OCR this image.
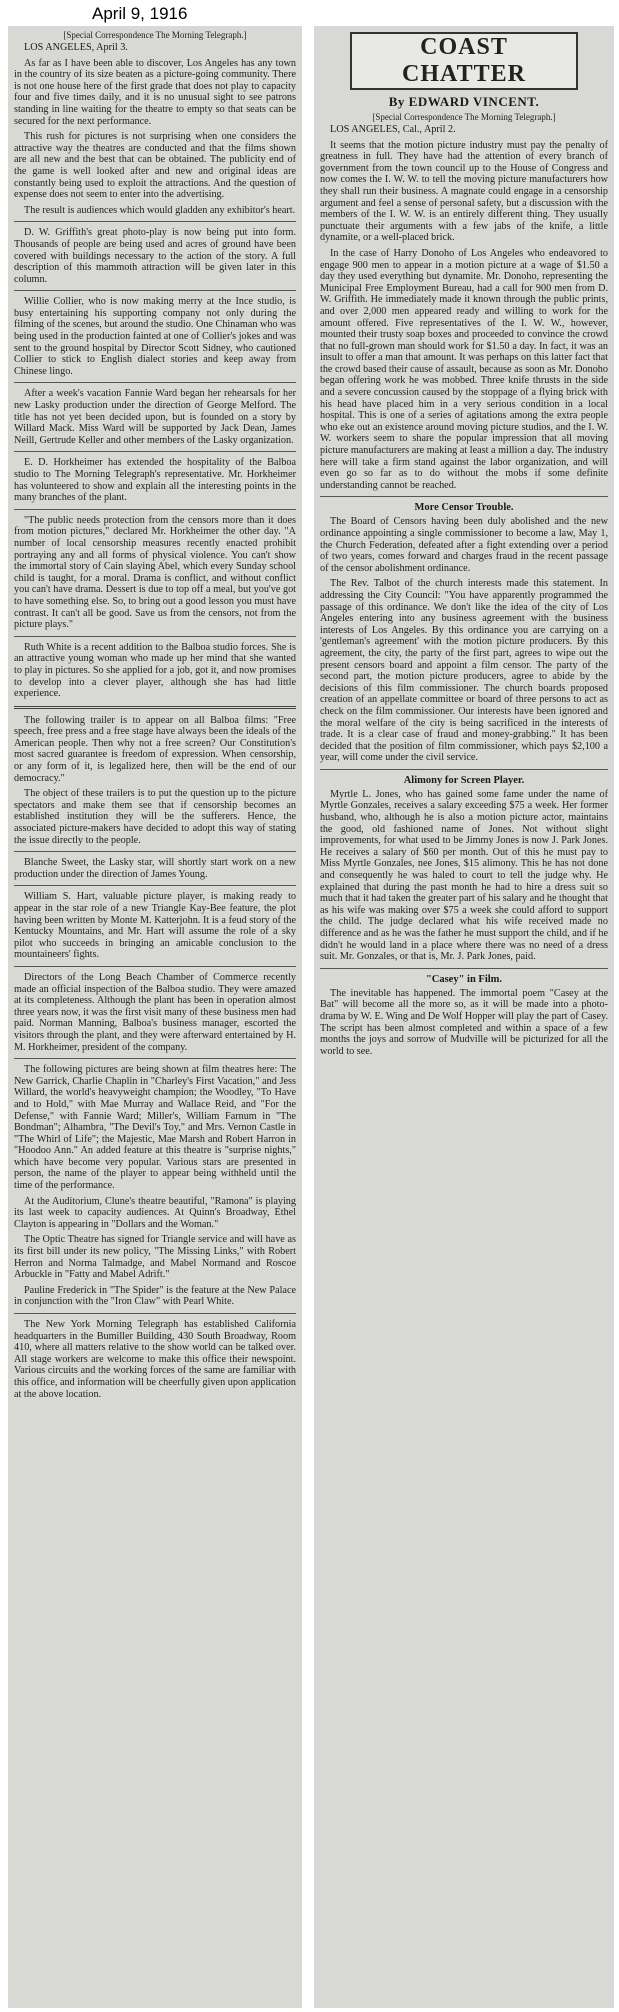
April 9, 1916
[Special Correspondence The Morning Telegraph.]
LOS ANGELES, April 3.

As far as I have been able to discover, Los Angeles has any town in the country of its size beaten as a picture-going community. There is not one house here of the first grade that does not play to capacity four and five times daily, and it is no unusual sight to see patrons standing in line waiting for the theatre to empty so that seats can be secured for the next performance.

This rush for pictures is not surprising when one considers the attractive way the theatres are conducted and that the films shown are all new and the best that can be obtained. The publicity end of the game is well looked after and new and original ideas are constantly being used to exploit the attractions. And the question of expense does not seem to enter into the advertising.

The result is audiences which would gladden any exhibitor's heart.

D. W. Griffith's great photo-play is now being put into form. Thousands of people are being used and acres of ground have been covered with buildings necessary to the action of the story. A full description of this mammoth attraction will be given later in this column.

Willie Collier, who is now making merry at the Ince studio, is busy entertaining his supporting company not only during the filming of the scenes, but around the studio. One Chinaman who was being used in the production fainted at one of Collier's jokes and was sent to the ground hospital by Director Scott Sidney, who cautioned Collier to stick to English dialect stories and keep away from Chinese lingo.

After a week's vacation Fannie Ward began her rehearsals for her new Lasky production under the direction of George Melford. The title has not yet been decided upon, but is founded on a story by Willard Mack. Miss Ward will be supported by Jack Dean, James Neill, Gertrude Keller and other members of the Lasky organization.

E. D. Horkheimer has extended the hospitality of the Balboa studio to The Morning Telegraph's representative. Mr. Horkheimer has volunteered to show and explain all the interesting points in the many branches of the plant.

"The public needs protection from the censors more than it does from motion pictures," declared Mr. Horkheimer the other day. "A number of local censorship measures recently enacted prohibit portraying any and all forms of physical violence. You can't show the immortal story of Cain slaying Abel, which every Sunday school child is taught, for a moral. Drama is conflict, and without conflict you can't have drama. Dessert is due to top off a meal, but you've got to have something else. So, to bring out a good lesson you must have contrast. It can't all be good. Save us from the censors, not from the picture plays."

Ruth White is a recent addition to the Balboa studio forces. She is an attractive young woman who made up her mind that she wanted to play in pictures. So she applied for a job, got it, and now promises to develop into a clever player, although she has had little experience.

The following trailer is to appear on all Balboa films: "Free speech, free press and a free stage have always been the ideals of the American people. Then why not a free screen? Our Constitution's most sacred guarantee is freedom of expression. When censorship, or any form of it, is legalized here, then will be the end of our democracy."

The object of these trailers is to put the question up to the picture spectators and make them see that if censorship becomes an established institution they will be the sufferers. Hence, the associated picture-makers have decided to adopt this way of stating the issue directly to the people.

Blanche Sweet, the Lasky star, will shortly start work on a new production under the direction of James Young.

William S. Hart, valuable picture player, is making ready to appear in the star role of a new Triangle Kay-Bee feature, the plot having been written by Monte M. Katterjohn. It is a feud story of the Kentucky Mountains, and Mr. Hart will assume the role of a sky pilot who succeeds in bringing an amicable conclusion to the mountaineers' fights.

Directors of the Long Beach Chamber of Commerce recently made an official inspection of the Balboa studio. They were amazed at its completeness. Although the plant has been in operation almost three years now, it was the first visit many of these business men had paid. Norman Manning, Balboa's business manager, escorted the visitors through the plant, and they were afterward entertained by H. M. Horkheimer, president of the company.

The following pictures are being shown at film theatres here: The New Garrick, Charlie Chaplin in "Charley's First Vacation," and Jess Willard, the world's heavyweight champion; the Woodley, "To Have and to Hold," with Mae Murray and Wallace Reid, and "For the Defense," with Fannie Ward; Miller's, William Farnum in "The Bondman"; Alhambra, "The Devil's Toy," and Mrs. Vernon Castle in "The Whirl of Life"; the Majestic, Mae Marsh and Robert Harron in "Hoodoo Ann." An added feature at this theatre is "surprise nights," which have become very popular. Various stars are presented in person, the name of the player to appear being withheld until the time of the performance.

At the Auditorium, Clune's theatre beautiful, "Ramona" is playing its last week to capacity audiences. At Quinn's Broadway, Ethel Clayton is appearing in "Dollars and the Woman."

The Optic Theatre has signed for Triangle service and will have as its first bill under its new policy, "The Missing Links," with Robert Herron and Norma Talmadge, and Mabel Normand and Roscoe Arbuckle in "Fatty and Mabel Adrift."

Pauline Frederick in "The Spider" is the feature at the New Palace in conjunction with the "Iron Claw" with Pearl White.

The New York Morning Telegraph has established California headquarters in the Bumiller Building, 430 South Broadway, Room 410, where all matters relative to the show world can be talked over. All stage workers are welcome to make this office their newspoint. Various circuits and the working forces of the same are familiar with this office, and information will be cheerfully given upon application at the above location.

COAST CHATTER
By EDWARD VINCENT.
[Special Correspondence The Morning Telegraph.]
LOS ANGELES, Cal., April 2.

It seems that the motion picture industry must pay the penalty of greatness in full. They have had the attention of every branch of government from the town council up to the House of Congress and now comes the I. W. W. to tell the moving picture manufacturers how they shall run their business. A magnate could engage in a censorship argument and feel a sense of personal safety, but a discussion with the members of the I. W. W. is an entirely different thing. They usually punctuate their arguments with a few jabs of the knife, a little dynamite, or a well-placed brick.

In the case of Harry Donoho of Los Angeles who endeavored to engage 900 men to appear in a motion picture at a wage of $1.50 a day they used everything but dynamite. Mr. Donoho, representing the Municipal Free Employment Bureau, had a call for 900 men from D. W. Griffith. He immediately made it known through the public prints, and over 2,000 men appeared ready and willing to work for the amount offered. Five representatives of the I. W. W., however, mounted their trusty soap boxes and proceeded to convince the crowd that no full-grown man should work for $1.50 a day. In fact, it was an insult to offer a man that amount. It was perhaps on this latter fact that the crowd based their cause of assault, because as soon as Mr. Donoho began offering work he was mobbed. Three knife thrusts in the side and a severe concussion caused by the stoppage of a flying brick with his head have placed him in a very serious condition in a local hospital. This is one of a series of agitations among the extra people who eke out an existence around moving picture studios, and the I. W. W. workers seem to share the popular impression that all moving picture manufacturers are making at least a million a day. The industry here will take a firm stand against the labor organization, and will even go so far as to do without the mobs if some definite understanding cannot be reached.

More Censor Trouble.

The Board of Censors having been duly abolished and the new ordinance appointing a single commissioner to become a law, May 1, the Church Federation, defeated after a fight extending over a period of two years, comes forward and charges fraud in the recent passage of the censor abolishment ordinance.

The Rev. Talbot of the church interests made this statement. In addressing the City Council: "You have apparently programmed the passage of this ordinance. We don't like the idea of the city of Los Angeles entering into any business agreement with the business interests of Los Angeles. By this ordinance you are carrying on a 'gentleman's agreement' with the motion picture producers. By this agreement, the city, the party of the first part, agrees to wipe out the present censors board and appoint a film censor. The party of the second part, the motion picture producers, agree to abide by the decisions of this film commissioner. The church boards proposed creation of an appellate committee or board of three persons to act as check on the film commissioner. Our interests have been ignored and the moral welfare of the city is being sacrificed in the interests of trade. It is a clear case of fraud and money-grabbing." It has been decided that the position of film commissioner, which pays $2,100 a year, will come under the civil service.

Alimony for Screen Player.

Myrtle L. Jones, who has gained some fame under the name of Myrtle Gonzales, receives a salary exceeding $75 a week. Her former husband, who, although he is also a motion picture actor, maintains the good, old fashioned name of Jones. Not without slight improvements, for what used to be Jimmy Jones is now J. Park Jones. He receives a salary of $60 per month. Out of this he must pay to Miss Myrtle Gonzales, nee Jones, $15 alimony. This he has not done and consequently he was haled to court to tell the judge why. He explained that during the past month he had to hire a dress suit so much that it had taken the greater part of his salary and he thought that as his wife was making over $75 a week she could afford to support the child. The judge declared what his wife received made no difference and as he was the father he must support the child, and if he didn't he would land in a place where there was no need of a dress suit. Mr. Gonzales, or that is, Mr. J. Park Jones, paid.

"Casey" in Film.

The inevitable has happened. The immortal poem "Casey at the Bat" will become all the more so, as it will be made into a photo-drama by W. E. Wing and De Wolf Hopper will play the part of Casey. The script has been almost completed and within a space of a few months the joys and sorrow of Mudville will be picturized for all the world to see.
